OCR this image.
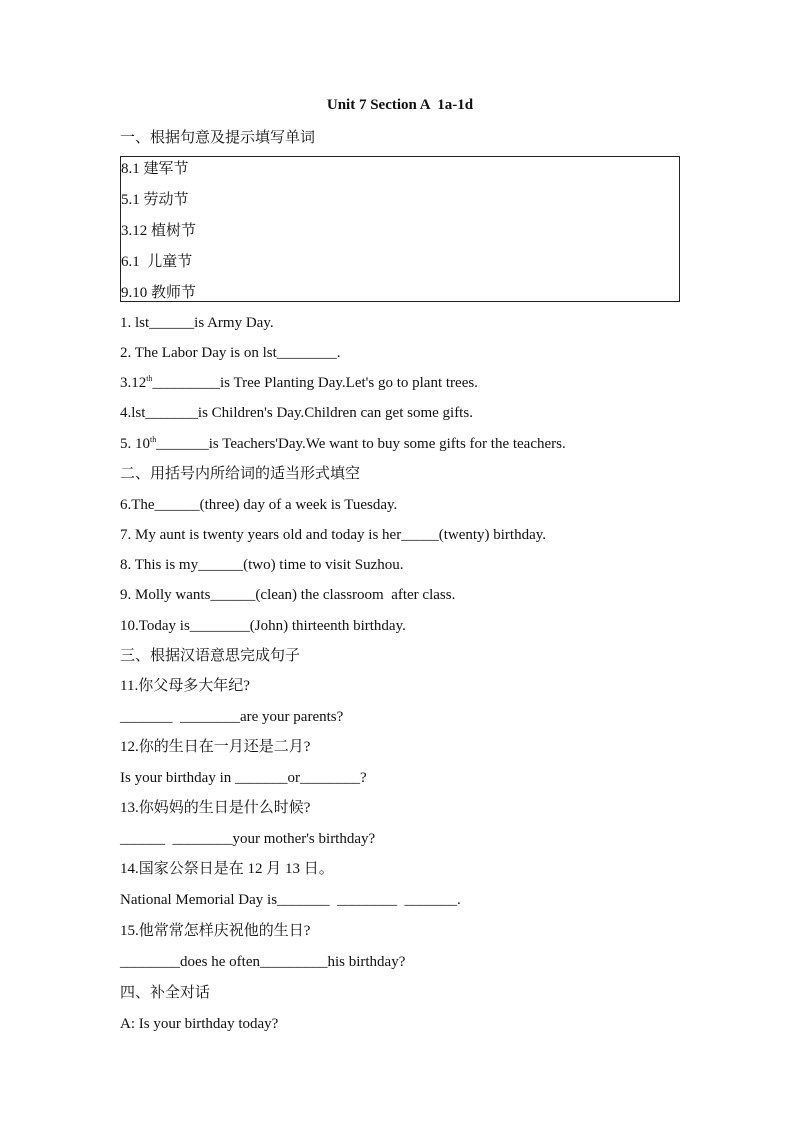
Unit 7 Section A  1a-1d
一、根据句意及提示填写单词
8.1 建军节
5.1 劳动节
3.12 植树节
6.1  儿童节
9.10 教师节
1. lst______is Army Day.
2. The Labor Day is on lst________.
3.12th_________is Tree Planting Day.Let's go to plant trees.
4.lst_______is Children's Day.Children can get some gifts.
5. 10th_______is Teachers'Day.We want to buy some gifts for the teachers.
二、用括号内所给词的适当形式填空
6.The______(three) day of a week is Tuesday.
7. My aunt is twenty years old and today is her_____(twenty) birthday.
8. This is my______(two) time to visit Suzhou.
9. Molly wants______(clean) the classroom  after class.
10.Today is________(John) thirteenth birthday.
三、根据汉语意思完成句子
11.你父母多大年纪?
_______  ________are your parents?
12.你的生日在一月还是二月?
Is your birthday in _______or________?
13.你妈妈的生日是什么时候?
______  ________your mother's birthday?
14.国家公祭日是在 12 月 13 日。
National Memorial Day is_______  ________  _______.
15.他常常怎样庆祝他的生日?
________does he often_________his birthday?
四、补全对话
A: Is your birthday today?
